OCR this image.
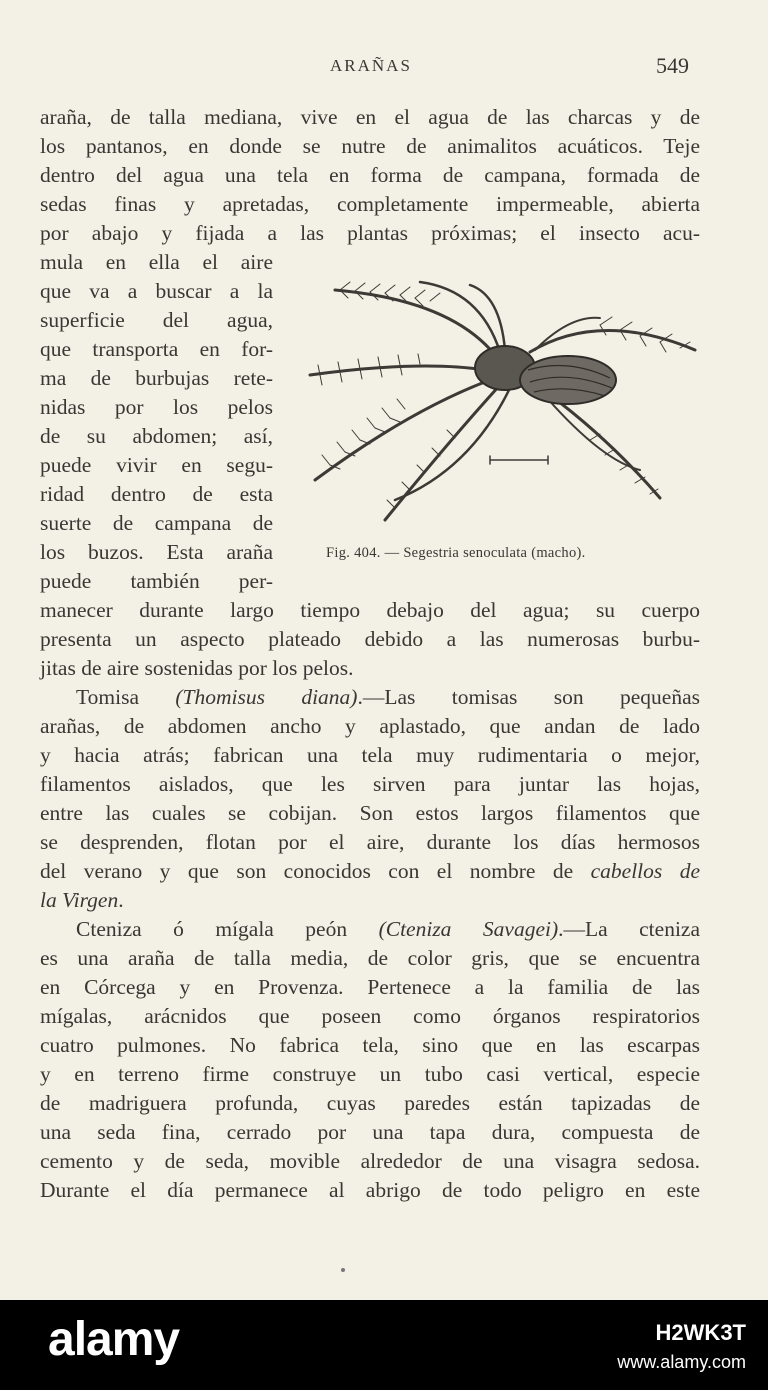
ARAÑAS	549
araña, de talla mediana, vive en el agua de las charcas y de
los pantanos, en donde se nutre de animalitos acuáticos. Teje
dentro del agua una tela en forma de campana, formada de
sedas finas y apretadas, completamente impermeable, abierta
por abajo y fijada a las plantas próximas; el insecto acu-
mula en ella el aire
que va a buscar a la
superficie del agua,
que transporta en for-
ma de burbujas rete-
nidas por los pelos
de su abdomen; así,
puede vivir en segu-
ridad dentro de esta
suerte de campana de
los buzos. Esta araña
puede también per-
manecer durante largo tiempo debajo del agua; su cuerpo
presenta un aspecto plateado debido a las numerosas burbu-
jitas de aire sostenidas por los pelos.
Fig. 404. — Segestria senoculata (macho).
Tomisa (Thomisus diana).—Las tomisas son pequeñas
arañas, de abdomen ancho y aplastado, que andan de lado
y hacia atrás; fabrican una tela muy rudimentaria o mejor,
filamentos aislados, que les sirven para juntar las hojas,
entre las cuales se cobijan. Son estos largos filamentos que
se desprenden, flotan por el aire, durante los días hermosos
del verano y que son conocidos con el nombre de cabellos de
la Virgen.
Cteniza ó mígala peón (Cteniza Savagei).—La cteniza
es una araña de talla media, de color gris, que se encuentra
en Córcega y en Provenza. Pertenece a la familia de las
mígalas, arácnidos que poseen como órganos respiratorios
cuatro pulmones. No fabrica tela, sino que en las escarpas
y en terreno firme construye un tubo casi vertical, especie
de madriguera profunda, cuyas paredes están tapizadas de
una seda fina, cerrado por una tapa dura, compuesta de
cemento y de seda, movible alrededor de una visagra sedosa.
Durante el día permanece al abrigo de todo peligro en este
alamy	H2WK3T
www.alamy.com
